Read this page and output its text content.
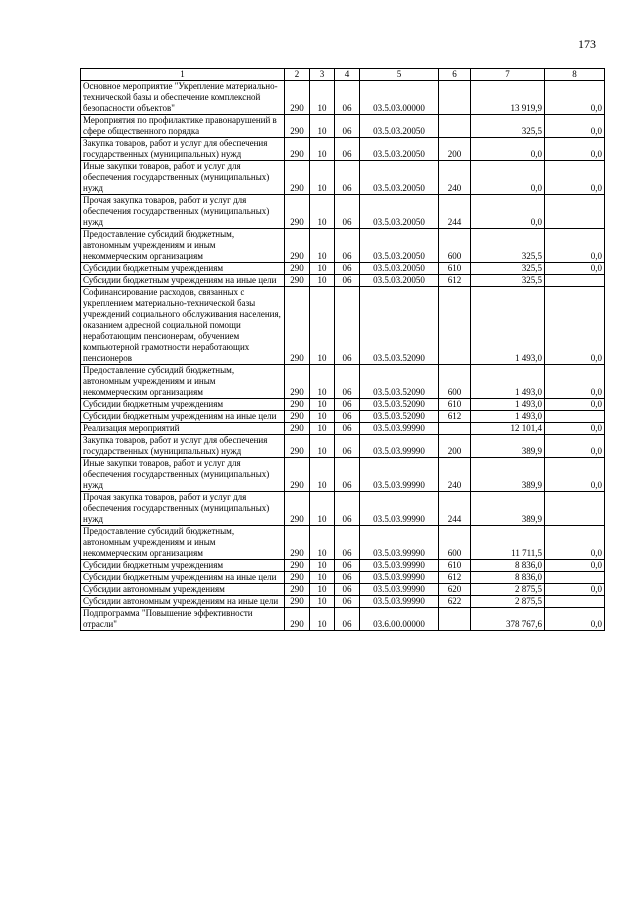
173
1	2	3	4	5	6	7	8
Основное мероприятие "Укрепление материально-технической базы и обеспечение комплексной безопасности объектов"	290	10	06	03.5.03.00000		13 919,9	0,0
Мероприятия по профилактике правонарушений в сфере общественного порядка	290	10	06	03.5.03.20050		325,5	0,0
Закупка товаров, работ и услуг для обеспечения государственных (муниципальных) нужд	290	10	06	03.5.03.20050	200	0,0	0,0
Иные закупки товаров, работ и услуг для обеспечения государственных (муниципальных) нужд	290	10	06	03.5.03.20050	240	0,0	0,0
Прочая закупка товаров, работ и услуг для обеспечения государственных (муниципальных) нужд	290	10	06	03.5.03.20050	244	0,0	
Предоставление субсидий бюджетным, автономным учреждениям и иным некоммерческим организациям	290	10	06	03.5.03.20050	600	325,5	0,0
Субсидии бюджетным учреждениям	290	10	06	03.5.03.20050	610	325,5	0,0
Субсидии бюджетным учреждениям на иные цели	290	10	06	03.5.03.20050	612	325,5	
Софинансирование расходов, связанных с укреплением материально-технической базы учреждений социального обслуживания населения, оказанием адресной социальной помощи неработающим пенсионерам, обучением компьютерной грамотности неработающих пенсионеров	290	10	06	03.5.03.52090		1 493,0	0,0
Предоставление субсидий бюджетным, автономным учреждениям и иным некоммерческим организациям	290	10	06	03.5.03.52090	600	1 493,0	0,0
Субсидии бюджетным учреждениям	290	10	06	03.5.03.52090	610	1 493,0	0,0
Субсидии бюджетным учреждениям на иные цели	290	10	06	03.5.03.52090	612	1 493,0	
Реализация мероприятий	290	10	06	03.5.03.99990		12 101,4	0,0
Закупка товаров, работ и услуг для обеспечения государственных (муниципальных) нужд	290	10	06	03.5.03.99990	200	389,9	0,0
Иные закупки товаров, работ и услуг для обеспечения государственных (муниципальных) нужд	290	10	06	03.5.03.99990	240	389,9	0,0
Прочая закупка товаров, работ и услуг для обеспечения государственных (муниципальных) нужд	290	10	06	03.5.03.99990	244	389,9	
Предоставление субсидий бюджетным, автономным учреждениям и иным некоммерческим организациям	290	10	06	03.5.03.99990	600	11 711,5	0,0
Субсидии бюджетным учреждениям	290	10	06	03.5.03.99990	610	8 836,0	0,0
Субсидии бюджетным учреждениям на иные цели	290	10	06	03.5.03.99990	612	8 836,0	
Субсидии автономным учреждениям	290	10	06	03.5.03.99990	620	2 875,5	0,0
Субсидии автономным учреждениям на иные цели	290	10	06	03.5.03.99990	622	2 875,5	
Подпрограмма "Повышение эффективности отрасли"	290	10	06	03.6.00.00000		378 767,6	0,0
